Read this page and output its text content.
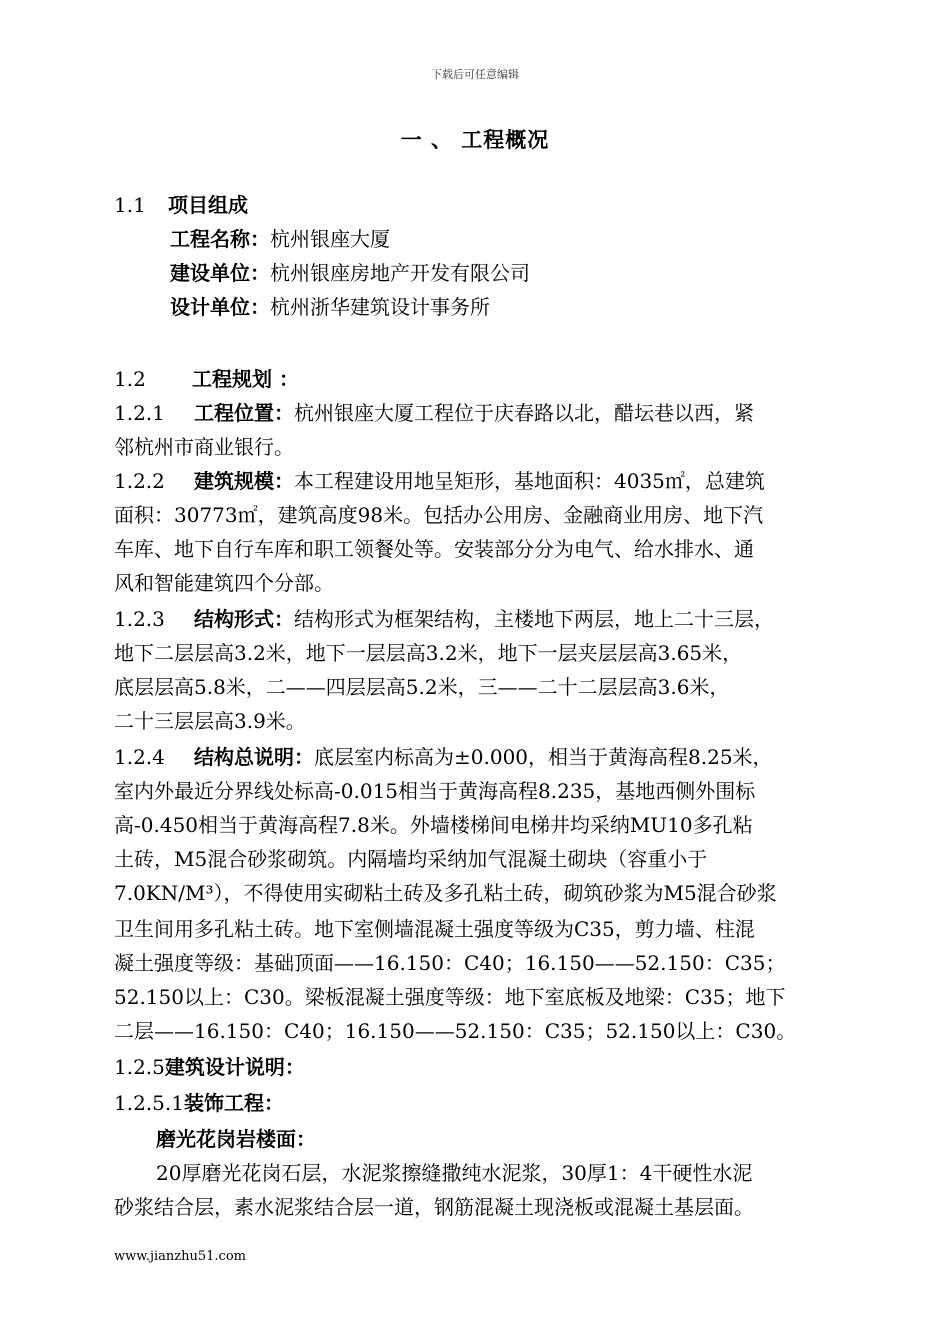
下载后可任意编辑
一 、 工程概况
1.1 项目组成
工程名称：杭州银座大厦
建设单位：杭州银座房地产开发有限公司
设计单位：杭州浙华建筑设计事务所
1.2 工程规划 ：
1.2.1 工程位置：杭州银座大厦工程位于庆春路以北，醋坛巷以西，紧
邻杭州市商业银行。
1.2.2 建筑规模：本工程建设用地呈矩形，基地面积：4035㎡，总建筑
面积：30773㎡，建筑高度98米。包括办公用房、金融商业用房、地下汽
车库、地下自行车库和职工领餐处等。安装部分分为电气、给水排水、通
风和智能建筑四个分部。
1.2.3 结构形式：结构形式为框架结构，主楼地下两层，地上二十三层，
地下二层层高3.2米，地下一层层高3.2米，地下一层夹层层高3.65米，
底层层高5.8米，二——四层层高5.2米，三——二十二层层高3.6米，
二十三层层高3.9米。
1.2.4 结构总说明：底层室内标高为±0.000，相当于黄海高程8.25米，
室内外最近分界线处标高-0.015相当于黄海高程8.235，基地西侧外围标
高-0.450相当于黄海高程7.8米。外墙楼梯间电梯井均采纳MU10多孔粘
土砖，M5混合砂浆砌筑。内隔墙均采纳加气混凝土砌块（容重小于
7.0KN/M³），不得使用实砌粘土砖及多孔粘土砖，砌筑砂浆为M5混合砂浆
卫生间用多孔粘土砖。地下室侧墙混凝土强度等级为C35，剪力墙、柱混
凝土强度等级：基础顶面——16.150：C40；16.150——52.150：C35；
52.150以上：C30。梁板混凝土强度等级：地下室底板及地梁：C35；地下
二层——16.150：C40；16.150——52.150：C35；52.150以上：C30。
1.2.5建筑设计说明：
1.2.5.1装饰工程：
磨光花岗岩楼面：
20厚磨光花岗石层，水泥浆擦缝撒纯水泥浆，30厚1：4干硬性水泥
砂浆结合层，素水泥浆结合层一道，钢筋混凝土现浇板或混凝土基层面。
www.jianzhu51.com
